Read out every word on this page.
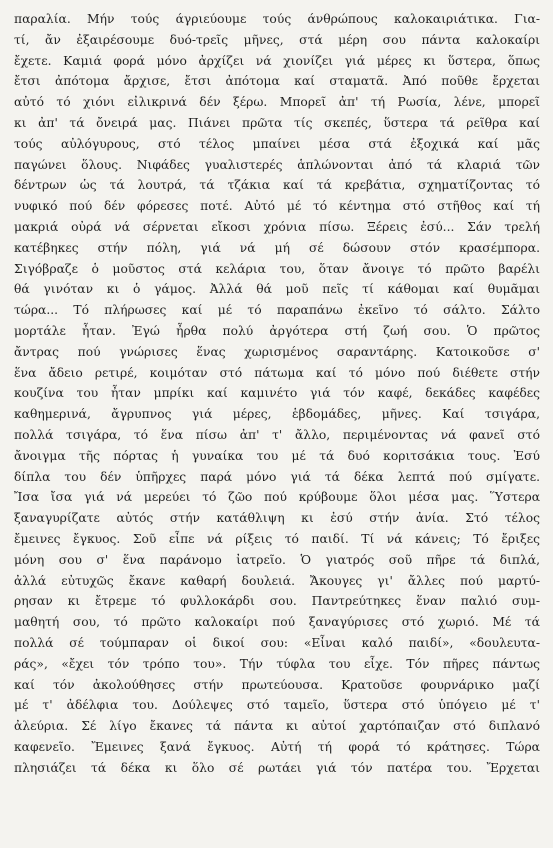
παραλία. Μήν τούς άγριεύουμε τούς άνθρώπους καλοκαιριάτικα. Για-
τί, ἄν ἐξαιρέσουμε δυό-τρεῖς μῆνες, στά μέρη σου πάντα καλοκαίρι
ἔχετε. Καμιά φορά μόνο ἀρχίζει νά χιονίζει γιά μέρες κι ὕστερα, ὅπως
ἔτσι ἀπότομα ἄρχισε, ἔτσι ἀπότομα καί σταματᾶ. Ἀπό ποῦθε ἔρχεται
αὐτό τό χιόνι εἰλικρινά δέν ξέρω. Μπορεῖ ἀπ' τή Ρωσία, λένε, μπορεῖ
κι ἀπ' τά ὄνειρά μας. Πιάνει πρῶτα τίς σκεπές, ὕστερα τά ρεῖθρα καί
τούς αὐλόγυρους, στό τέλος μπαίνει μέσα στά ἐξοχικά καί μᾶς
παγώνει ὅλους. Νιφάδες γυαλιστερές ἁπλώνονται ἀπό τά κλαριά τῶν
δέντρων ὡς τά λουτρά, τά τζάκια καί τά κρεβάτια, σχηματίζοντας τό
νυφικό πού δέν φόρεσες ποτέ. Αὐτό μέ τό κέντημα στό στῆθος καί τή
μακριά οὐρά νά σέρνεται εἴκοσι χρόνια πίσω. Ξέρεις ἐσύ... Σάν τρελή
κατέβηκες στήν πόλη, γιά νά μή σέ δώσουν στόν κρασέμπορα.
Σιγόβραζε ὁ μοῦστος στά κελάρια του, ὅταν ἄνοιγε τό πρῶτο βαρέλι
θά γινόταν κι ὁ γάμος. Ἀλλά θά μοῦ πεῖς τί κάθομαι καί θυμᾶμαι
τώρα... Τό πλήρωσες καί μέ τό παραπάνω ἐκεῖνο τό σάλτο. Σάλτο
μορτάλε ἦταν. Ἐγώ ἦρθα πολύ ἀργότερα στή ζωή σου. Ὁ πρῶτος
ἄντρας πού γνώρισες ἕνας χωρισμένος σαραντάρης. Κατοικοῦσε σ'
ἕνα ἄδειο ρετιρέ, κοιμόταν στό πάτωμα καί τό μόνο πού διέθετε στήν
κουζίνα του ἦταν μπρίκι καί καμινέτο γιά τόν καφέ, δεκάδες καφέδες
καθημερινά, ἄγρυπνος γιά μέρες, ἑβδομάδες, μῆνες. Καί τσιγάρα,
πολλά τσιγάρα, τό ἕνα πίσω ἀπ' τ' ἄλλο, περιμένοντας νά φανεῖ στό
ἄνοιγμα τῆς πόρτας ἡ γυναίκα του μέ τά δυό κοριτσάκια τους. Ἐσύ
δίπλα του δέν ὑπῆρχες παρά μόνο γιά τά δέκα λεπτά πού σμίγατε.
Ἴσα ἴσα γιά νά μερεύει τό ζῶο πού κρύβουμε ὅλοι μέσα μας. Ὕστερα
ξαναγυρίζατε αὐτός στήν κατάθλιψη κι ἐσύ στήν ἀνία. Στό τέλος
ἔμεινες ἔγκυος. Σοῦ εἶπε νά ρίξεις τό παιδί. Τί νά κάνεις; Τό ἔριξες
μόνη σου σ' ἕνα παράνομο ἰατρεῖο. Ὁ γιατρός σοῦ πῆρε τά διπλά,
ἀλλά εὐτυχῶς ἔκανε καθαρή δουλειά. Ἄκουγες γι' ἄλλες πού μαρτύ-
ρησαν κι ἔτρεμε τό φυλλοκάρδι σου. Παντρεύτηκες ἕναν παλιό συμ-
μαθητή σου, τό πρῶτο καλοκαίρι πού ξαναγύρισες στό χωριό. Μέ τά
πολλά σέ τούμπαραν οἱ δικοί σου: «Εἶναι καλό παιδί», «δουλευτα-
ράς», «ἔχει τόν τρόπο του». Τήν τύφλα του εἶχε. Τόν πῆρες πάντως
καί τόν ἀκολούθησες στήν πρωτεύουσα. Κρατοῦσε φουρνάρικο μαζί
μέ τ' ἀδέλφια του. Δούλεψες στό ταμεῖο, ὕστερα στό ὑπόγειο μέ τ'
ἀλεύρια. Σέ λίγο ἔκανες τά πάντα κι αὐτοί χαρτόπαιζαν στό διπλανό
καφενεῖο. Ἔμεινες ξανά ἔγκυος. Αὐτή τή φορά τό κράτησες. Τώρα
πλησιάζει τά δέκα κι ὅλο σέ ρωτάει γιά τόν πατέρα του. Ἔρχεται
